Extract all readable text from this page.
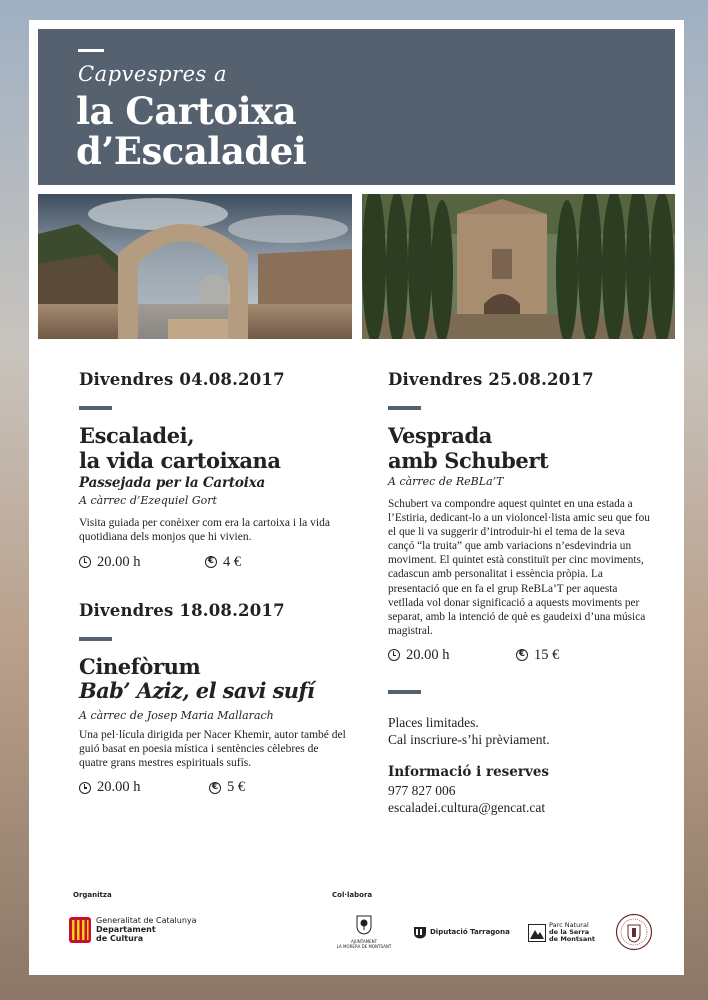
Capvespres a
la Cartoixa
d’Escaladei
Divendres 04.08.2017
Escaladei,
la vida cartoixana
Passejada per la Cartoixa
A càrrec d’Ezequiel Gort
Visita guiada per conèixer com era la cartoixa i la vida quotidiana dels monjos que hi vivien.
20.00 h	€ 4 €
Divendres 18.08.2017
Cinefòrum
Bab’ Aziz, el savi sufí
A càrrec de Josep Maria Mallarach
Una pel·lícula dirigida per Nacer Khemir, autor també del guió basat en poesia mística i sentències cèlebres de quatre grans mestres espirituals sufís.
20.00 h	€ 5 €
Divendres 25.08.2017
Vesprada
amb Schubert
A càrrec de ReBLa’T
Schubert va compondre aquest quintet en una estada a l’Estiria, dedicant-lo a un violoncel·lista amic seu que fou el que li va suggerir d’introduir-hi el tema de la seva cançó “la truita” que amb variacions n’esdevindria un moviment. El quintet està constituït per cinc moviments, cadascun amb personalitat i essència pròpia. La presentació que en fa el grup ReBLa’T per aquesta vetllada vol donar significació a aquests moviments per separat, amb la intenció de què es gaudeixi d’una música magistral.
20.00 h	€ 15 €
Places limitades.
Cal inscriure-s’hi prèviament.
Informació i reserves
977 827 006
escaladei.cultura@gencat.cat
Organitza	Col·labora
Generalitat de Catalunya
Departament
de Cultura	AJUNTAMENT
LA MORERA DE MONTSANT
Diputació Tarragona
Parc Natural
de la Serra
de Montsant
